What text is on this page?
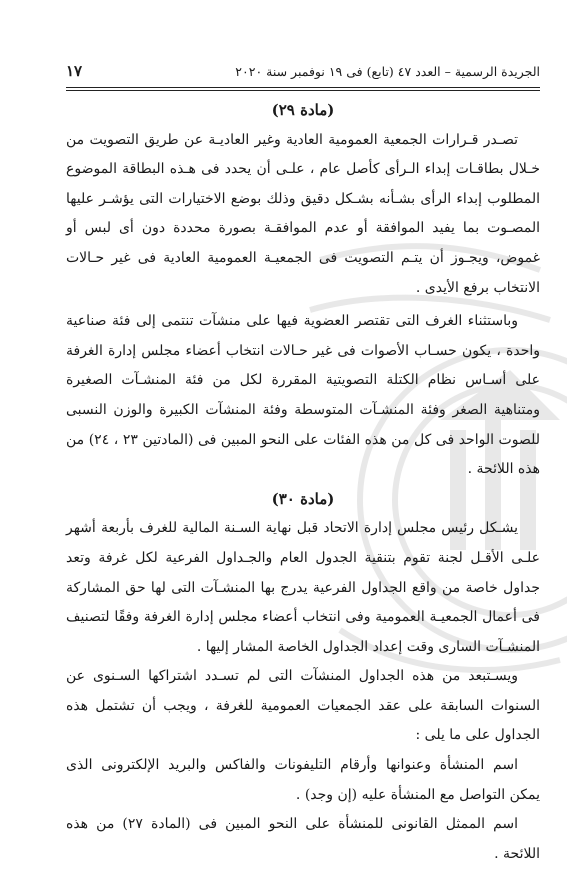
الجريدة الرسمية – العدد ٤٧ (تابع) فى ١٩ نوفمبر سنة ٢٠٢٠
١٧
(مادة ٢٩)

تصـدر قـرارات الجمعية العمومية العادية وغير العاديـة عن طريق التصويت من خـلال بطاقـات إبداء الـرأى كأصل عام ، علـى أن يحدد فى هـذه البطاقة الموضوع المطلوب إبداء الرأى بشـأنه بشـكل دقيق وذلك بوضع الاختيارات التى يؤشـر عليها المصـوت بما يفيد الموافقة أو عدم الموافقـة بصورة محددة دون أى لبس أو غموض، ويجـوز أن يتـم التصويت فى الجمعيـة العمومية العادية فى غير حـالات الانتخاب برفع الأيدى .

وباستثناء الغرف التى تقتصر العضوية فيها على منشآت تنتمى إلى فئة صناعية واحدة ، يكون حسـاب الأصوات فى غير حـالات انتخاب أعضاء مجلس إدارة الغرفة على أسـاس نظام الكتلة التصويتية المقررة لكل من فئة المنشـآت الصغيرة ومتناهية الصغر وفئة المنشـآت المتوسطة وفئة المنشآت الكبيرة والوزن النسبى للصوت الواحد فى كل من هذه الفئات على النحو المبين فى (المادتين ٢٣ ، ٢٤) من هذه اللائحة .

(مادة ٣٠)

يشـكل رئيس مجلس إدارة الاتحاد قبل نهاية السـنة المالية للغرف بأربعة أشهر علـى الأقـل لجنة تقوم بتنقية الجدول العام والجـداول الفرعية لكل غرفة وتعد جداول خاصة من واقع الجداول الفرعية يدرج بها المنشـآت التى لها حق المشاركة فى أعمال الجمعيـة العمومية وفى انتخاب أعضاء مجلس إدارة الغرفة وفقًا لتصنيف المنشـآت السارى وقت إعداد الجداول الخاصة المشار إليها .

ويسـتبعد من هذه الجداول المنشآت التى لم تسـدد اشتراكها السـنوى عن السنوات السابقة على عقد الجمعيات العمومية للغرفة ، ويجب أن تشتمل هذه الجداول على ما يلى :

اسم المنشأة وعنوانها وأرقام التليفونات والفاكس والبريد الإلكترونى الذى يمكن التواصل مع المنشأة عليه (إن وجد) .

اسم الممثل القانونى للمنشأة على النحو المبين فى (المادة ٢٧) من هذه اللائحة .
